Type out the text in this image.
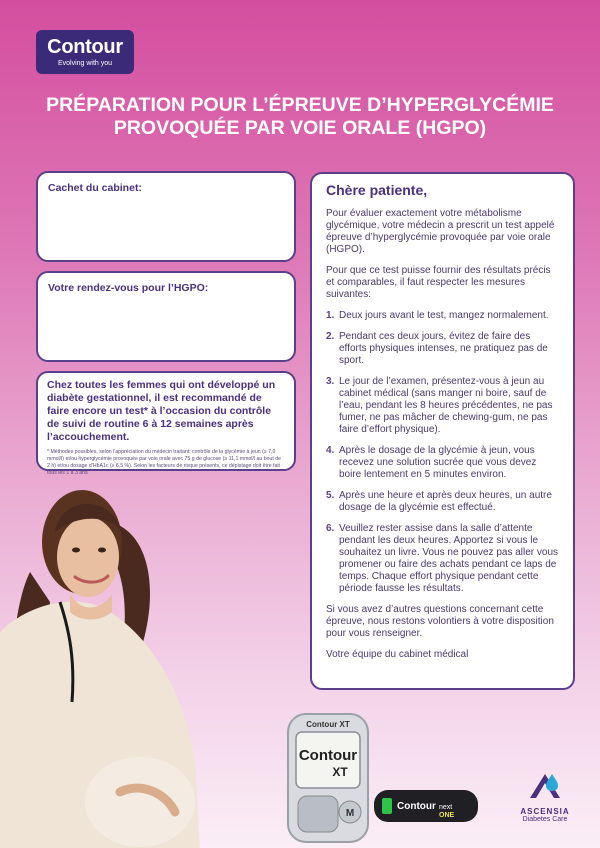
Contour
Evolving with you
PRÉPARATION POUR L’ÉPREUVE D’HYPERGLYCÉMIE
PROVOQUÉE PAR VOIE ORALE (HGPO)
Cachet du cabinet:
Votre rendez-vous pour l’HGPO:

Chez toutes les femmes qui ont développé un diabète gestationnel, il est recommandé de faire encore un test* à l’occasion du contrôle de suivi de routine 6 à 12 semaines après l’accouchement.

* Méthodes possibles, selon l’appréciation du médecin traitant: contrôle de la glycémie à jeun (≥ 7,0 mmol/l) et/ou hyperglycémie provoquée par voie orale avec 75 g de glucose (≥ 11,1 mmol/l au bout de 2 h) et/ou dosage d’HbA1c (≥ 6,5 %). Selon les facteurs de risque présents, ce dépistage doit être fait tous les 1 à 3 ans

Chère patiente,

Pour évaluer exactement votre métabolisme glycémique, votre médecin a prescrit un test appelé épreuve d’hyperglycémie provoquée par voie orale (HGPO).

Pour que ce test puisse fournir des résultats précis et comparables, il faut respecter les mesures suivantes:

1. Deux jours avant le test, mangez normalement.
2. Pendant ces deux jours, évitez de faire des efforts physiques intenses, ne pratiquez pas de sport.
3. Le jour de l’examen, présentez-vous à jeun au cabinet médical (sans manger ni boire, sauf de l’eau, pendant les 8 heures précédentes, ne pas fumer, ne pas mâcher de chewing-gum, ne pas faire d’effort physique).
4. Après le dosage de la glycémie à jeun, vous recevez une solution sucrée que vous devez boire lentement en 5 minutes environ.
5. Après une heure et après deux heures, un autre dosage de la glycémie est effectué.
6. Veuillez rester assise dans la salle d’attente pendant les deux heures. Apportez si vous le souhaitez un livre. Vous ne pouvez pas aller vous promener ou faire des achats pendant ce laps de temps. Chaque effort physique pendant cette période fausse les résultats.

Si vous avez d’autres questions concernant cette épreuve, nous restons volontiers à votre disposition pour vous renseigner.

Votre équipe du cabinet médical

Contour XT
Contour
XT
M
Contour next
ONE	ASCENSIA
Diabetes Care
